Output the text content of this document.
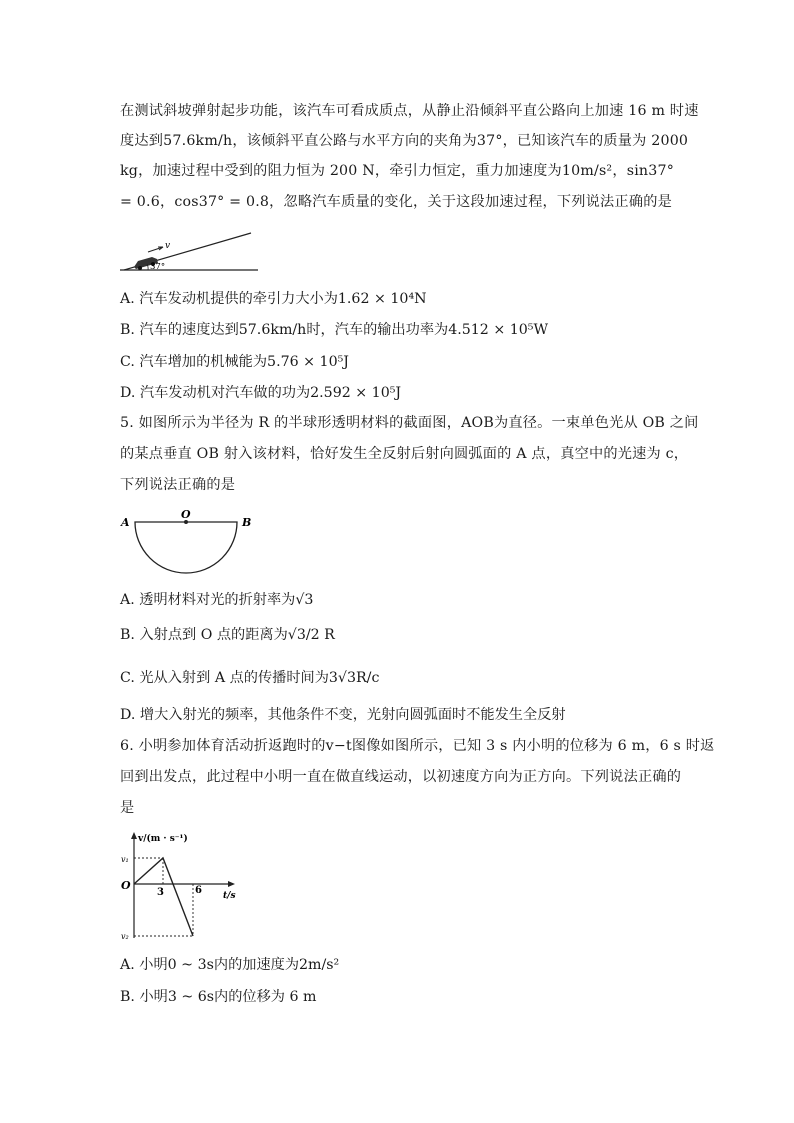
在测试斜坡弹射起步功能，该汽车可看成质点，从静止沿倾斜平直公路向上加速 16 m 时速
度达到57.6km/h，该倾斜平直公路与水平方向的夹角为37°，已知该汽车的质量为 2000
kg，加速过程中受到的阻力恒为 200 N，牵引力恒定，重力加速度为10m/s²，sin37°
= 0.6，cos37° = 0.8，忽略汽车质量的变化，关于这段加速过程，下列说法正确的是
v
37°
A. 汽车发动机提供的牵引力大小为1.62 × 10⁴N
B. 汽车的速度达到57.6km/h时，汽车的输出功率为4.512 × 10⁵W
C. 汽车增加的机械能为5.76 × 10⁵J
D. 汽车发动机对汽车做的功为2.592 × 10⁵J
5. 如图所示为半径为 R 的半球形透明材料的截面图，AOB为直径。一束单色光从 OB 之间
的某点垂直 OB 射入该材料，恰好发生全反射后射向圆弧面的 A 点，真空中的光速为 c，
下列说法正确的是
A
O
B
A. 透明材料对光的折射率为√3
B. 入射点到 O 点的距离为√3/2 R
C. 光从入射到 A 点的传播时间为3√3R/c
D. 增大入射光的频率，其他条件不变，光射向圆弧面时不能发生全反射
6. 小明参加体育活动折返跑时的v−t图像如图所示，已知 3 s 内小明的位移为 6 m，6 s 时返
回到出发点，此过程中小明一直在做直线运动，以初速度方向为正方向。下列说法正确的
是
v/(m · s⁻¹)
t/s
O
v₁
v₂
3	6
A. 小明0 ~ 3s内的加速度为2m/s²
B. 小明3 ~ 6s内的位移为 6 m
